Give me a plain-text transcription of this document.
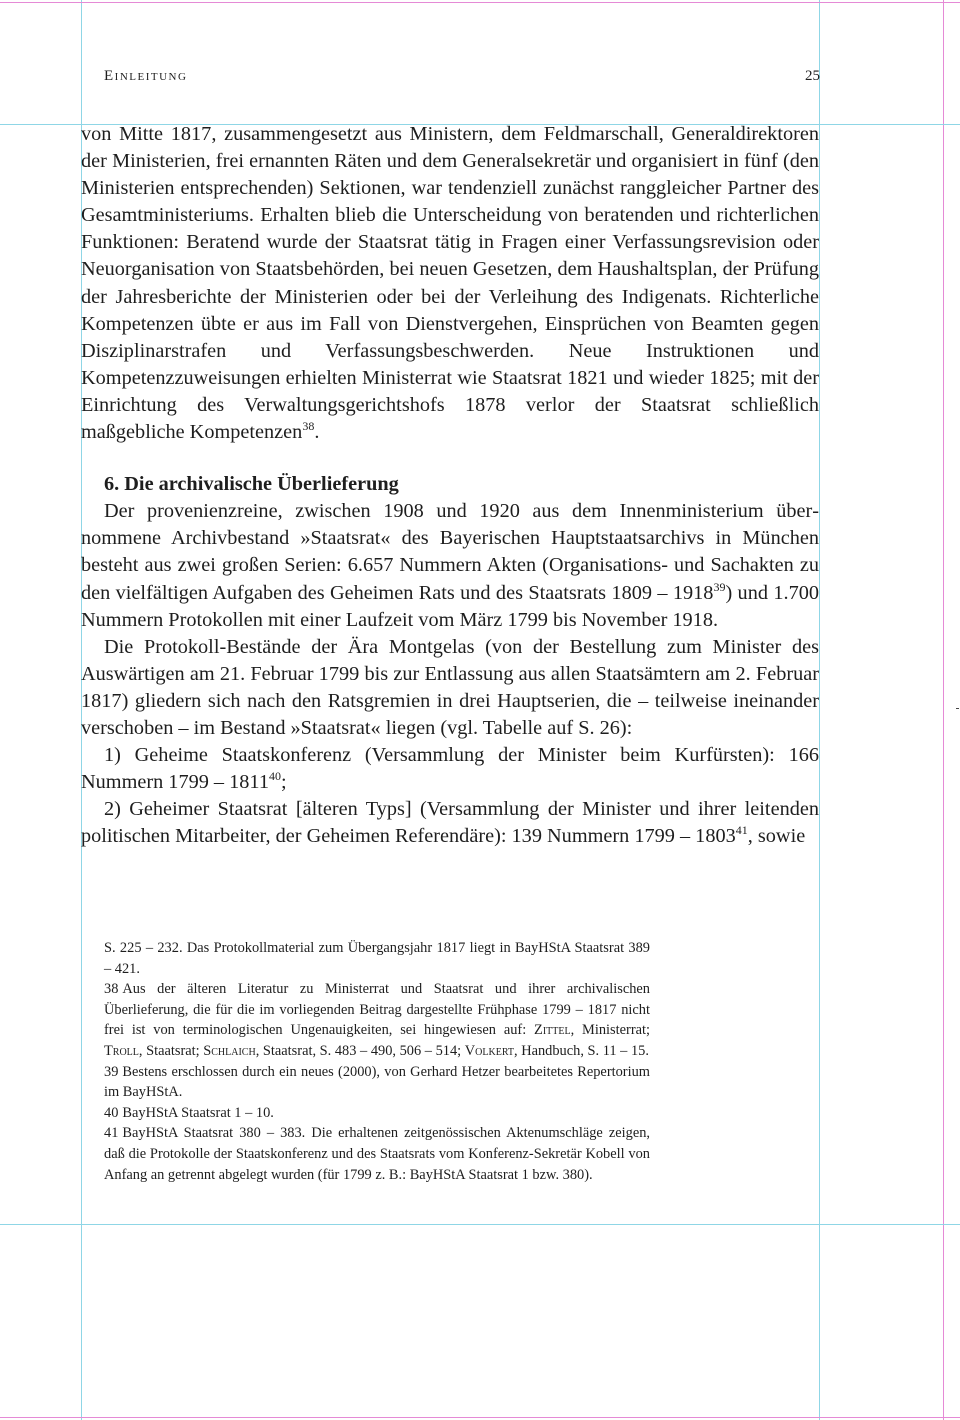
Einleitung	25

von Mitte 1817, zusammengesetzt aus Ministern, dem Feldmarschall, Generaldirektoren der Ministerien, frei ernannten Räten und dem Generalsekretär und organisiert in fünf (den Ministerien entsprechenden) Sektionen, war tendenziell zunächst ranggleicher Partner des Gesamtministeriums. Erhalten blieb die Unterscheidung von beratenden und richterlichen Funktionen: Beratend wurde der Staatsrat tätig in Fragen einer Verfassungsrevision oder Neuorganisation von Staatsbehörden, bei neuen Gesetzen, dem Haushaltsplan, der Prüfung der Jahresberichte der Ministerien oder bei der Verleihung des Indigenats. Richterliche Kompetenzen übte er aus im Fall von Dienstvergehen, Einsprüchen von Beamten gegen Disziplinarstrafen und Verfassungsbeschwerden. Neue Instruktionen und Kompetenzzuweisungen erhielten Ministerrat wie Staatsrat 1821 und wieder 1825; mit der Einrichtung des Verwaltungsgerichtshofs 1878 verlor der Staatsrat schließlich maßgebliche Kompetenzen$^{38}$.

6. Die archivalische Überlieferung

Der provenienzreine, zwischen 1908 und 1920 aus dem Innenministerium übernommene Archivbestand »Staatsrat« des Bayerischen Hauptstaatsarchivs in München besteht aus zwei großen Serien: 6.657 Nummern Akten (Organisations- und Sachakten zu den vielfältigen Aufgaben des Geheimen Rats und des Staatsrats 1809 – 1918$^{39}$) und 1.700 Nummern Protokollen mit einer Laufzeit vom März 1799 bis November 1918.

Die Protokoll-Bestände der Ära Montgelas (von der Bestellung zum Minister des Auswärtigen am 21. Februar 1799 bis zur Entlassung aus allen Staatsämtern am 2. Februar 1817) gliedern sich nach den Ratsgremien in drei Hauptserien, die – teilweise ineinander verschoben – im Bestand »Staatsrat« liegen (vgl. Tabelle auf S. 26):

1) Geheime Staatskonferenz (Versammlung der Minister beim Kurfürsten): 166 Nummern 1799 – 1811$^{40}$;

2) Geheimer Staatsrat [älteren Typs] (Versammlung der Minister und ihrer leitenden politischen Mitarbeiter, der Geheimen Referendäre): 139 Nummern 1799 – 1803$^{41}$, sowie

S. 225 – 232. Das Protokollmaterial zum Übergangsjahr 1817 liegt in BayHStA Staatsrat 389 – 421.

38 Aus der älteren Literatur zu Ministerrat und Staatsrat und ihrer archivalischen Überlieferung, die für die im vorliegenden Beitrag dargestellte Frühphase 1799 – 1817 nicht frei ist von terminologischen Ungenauigkeiten, sei hingewiesen auf: Zittel, Ministerrat; Troll, Staatsrat; Schlaich, Staatsrat, S. 483 – 490, 506 – 514; Volkert, Handbuch, S. 11 – 15.

39 Bestens erschlossen durch ein neues (2000), von Gerhard Hetzer bearbeitetes Repertorium im BayHStA.

40 BayHStA Staatsrat 1 – 10.

41 BayHStA Staatsrat 380 – 383. Die erhaltenen zeitgenössischen Aktenumschläge zeigen, daß die Protokolle der Staatskonferenz und des Staatsrats vom Konferenz-Sekretär Kobell von Anfang an getrennt abgelegt wurden (für 1799 z. B.: BayHStA Staatsrat 1 bzw. 380).
